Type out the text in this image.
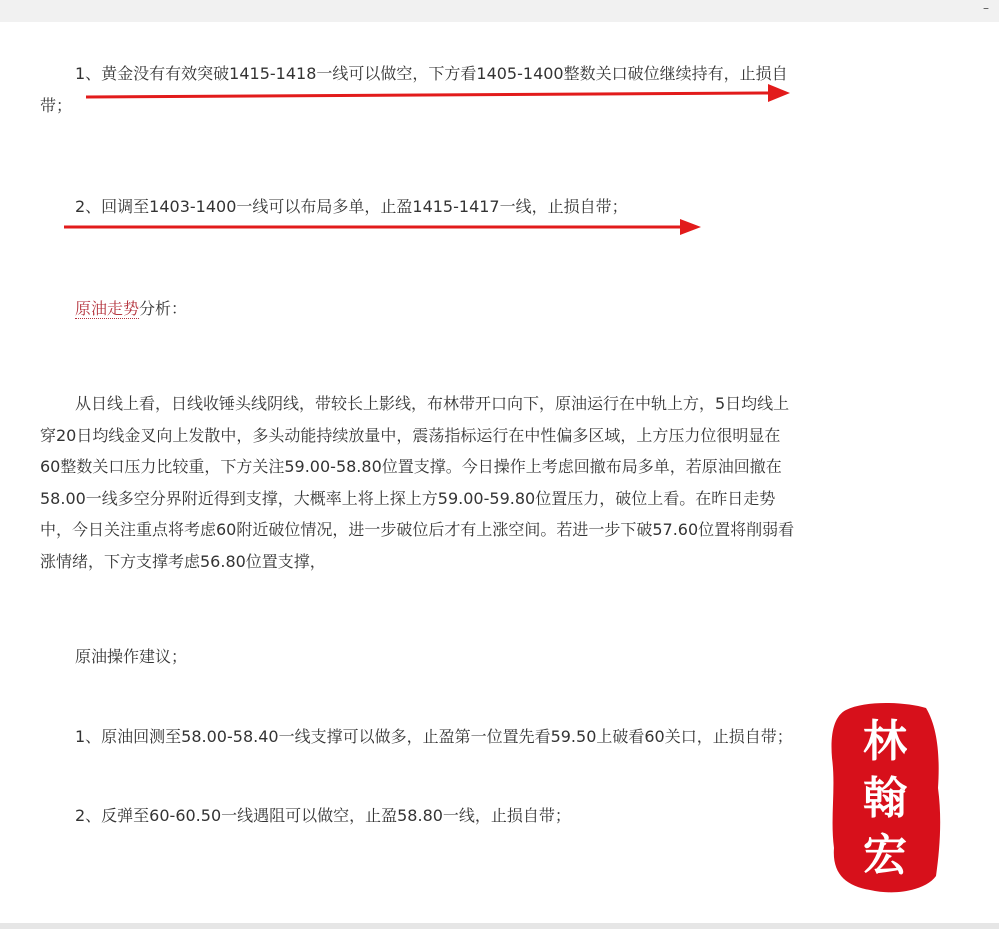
–

1、黄金没有有效突破1415-1418一线可以做空，下方看1405-1400整数关口破位继续持有，止损自带；

2、回调至1403-1400一线可以布局多单，止盈1415-1417一线，止损自带；

原油走势分析：

从日线上看，日线收锤头线阴线，带较长上影线，布林带开口向下，原油运行在中轨上方，5日均线上穿20日均线金叉向上发散中，多头动能持续放量中，震荡指标运行在中性偏多区域，上方压力位很明显在60整数关口压力比较重，下方关注59.00-58.80位置支撑。今日操作上考虑回撤布局多单，若原油回撤在58.00一线多空分界附近得到支撑，大概率上将上探上方59.00-59.80位置压力，破位上看。在昨日走势中，今日关注重点将考虑60附近破位情况，进一步破位后才有上涨空间。若进一步下破57.60位置将削弱看涨情绪，下方支撑考虑56.80位置支撑，

原油操作建议；

1、原油回测至58.00-58.40一线支撑可以做多，止盈第一位置先看59.50上破看60关口，止损自带；

2、反弹至60-60.50一线遇阻可以做空，止盈58.80一线，止损自带；

林
翰
宏
